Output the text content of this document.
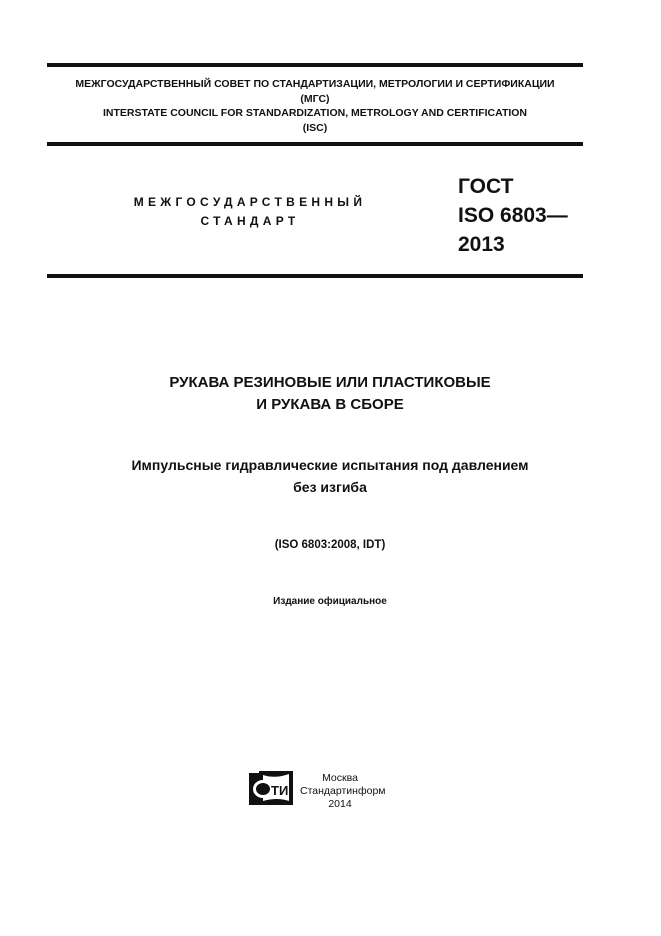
МЕЖГОСУДАРСТВЕННЫЙ СОВЕТ ПО СТАНДАРТИЗАЦИИ, МЕТРОЛОГИИ И СЕРТИФИКАЦИИ
(МГС)
INTERSTATE COUNCIL FOR STANDARDIZATION, METROLOGY AND CERTIFICATION
(ISC)
МЕЖГОСУДАРСТВЕННЫЙ
СТАНДАРТ
ГОСТ
ISO 6803—
2013
РУКАВА РЕЗИНОВЫЕ ИЛИ ПЛАСТИКОВЫЕ
И РУКАВА В СБОРЕ
Импульсные гидравлические испытания под давлением
без изгиба
(ISO 6803:2008, IDT)
Издание официальное
ТИ
Москва
Стандартинформ
2014
